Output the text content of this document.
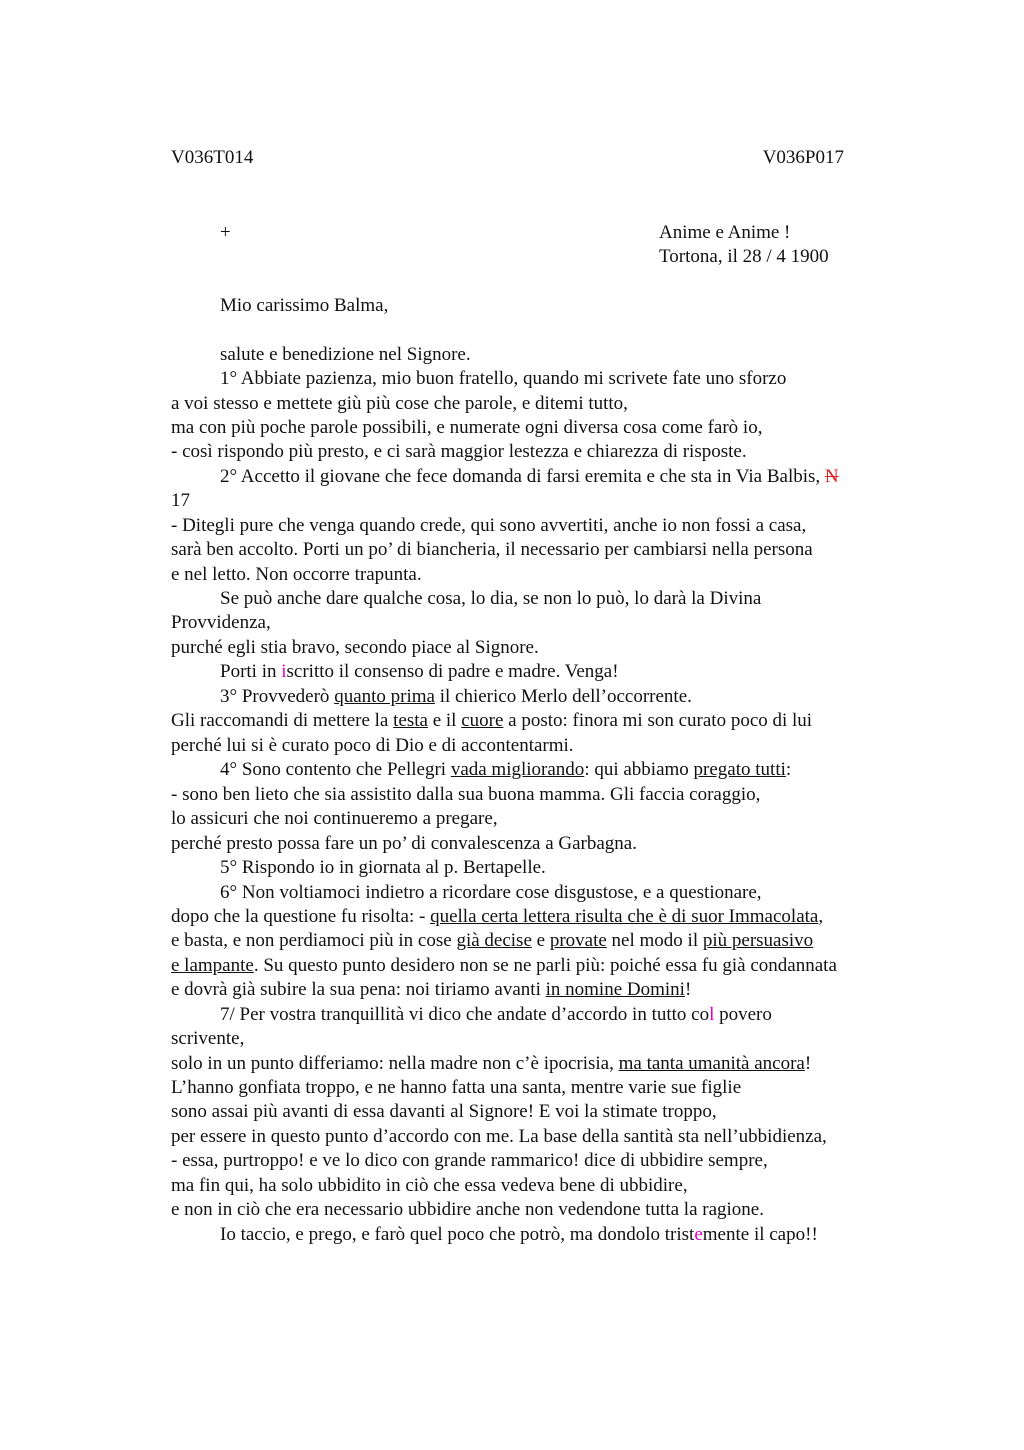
V036T014	V036P017
+	Anime e Anime !
Tortona, il 28 / 4 1900
Mio carissimo Balma,
salute e benedizione nel Signore.
1° Abbiate pazienza, mio buon fratello, quando mi scrivete fate uno sforzo
a voi stesso e mettete giù più cose che parole, e ditemi tutto,
ma con più poche parole possibili, e numerate ogni diversa cosa come farò io,
- così rispondo più presto, e ci sarà maggior lestezza e chiarezza di risposte.
2° Accetto il giovane che fece domanda di farsi eremita e che sta in Via Balbis, N
17
- Ditegli pure che venga quando crede, qui sono avvertiti, anche io non fossi a casa,
sarà ben accolto. Porti un po’ di biancheria, il necessario per cambiarsi nella persona
e nel letto. Non occorre trapunta.
Se può anche dare qualche cosa, lo dia, se non lo può, lo darà la Divina
Provvidenza,
purché egli stia bravo, secondo piace al Signore.
Porti in iscritto il consenso di padre e madre. Venga!
3° Provvederò quanto prima il chierico Merlo dell’occorrente.
Gli raccomandi di mettere la testa e il cuore a posto: finora mi son curato poco di lui
perché lui si è curato poco di Dio e di accontentarmi.
4° Sono contento che Pellegri vada migliorando: qui abbiamo pregato tutti:
- sono ben lieto che sia assistito dalla sua buona mamma. Gli faccia coraggio,
lo assicuri che noi continueremo a pregare,
perché presto possa fare un po’ di convalescenza a Garbagna.
5° Rispondo io in giornata al p. Bertapelle.
6° Non voltiamoci indietro a ricordare cose disgustose, e a questionare,
dopo che la questione fu risolta: - quella certa lettera risulta che è di suor Immacolata,
e basta, e non perdiamoci più in cose già decise e provate nel modo il più persuasivo
e lampante. Su questo punto desidero non se ne parli più: poiché essa fu già condannata
e dovrà già subire la sua pena: noi tiriamo avanti in nomine Domini!
7/ Per vostra tranquillità vi dico che andate d’accordo in tutto col povero
scrivente,
solo in un punto differiamo: nella madre non c’è ipocrisia, ma tanta umanità ancora!
L’hanno gonfiata troppo, e ne hanno fatta una santa, mentre varie sue figlie
sono assai più avanti di essa davanti al Signore! E voi la stimate troppo,
per essere in questo punto d’accordo con me. La base della santità sta nell’ubbidienza,
- essa, purtroppo! e ve lo dico con grande rammarico! dice di ubbidire sempre,
ma fin qui, ha solo ubbidito in ciò che essa vedeva bene di ubbidire,
e non in ciò che era necessario ubbidire anche non vedendone tutta la ragione.
Io taccio, e prego, e farò quel poco che potrò, ma dondolo tristemente il capo!!
